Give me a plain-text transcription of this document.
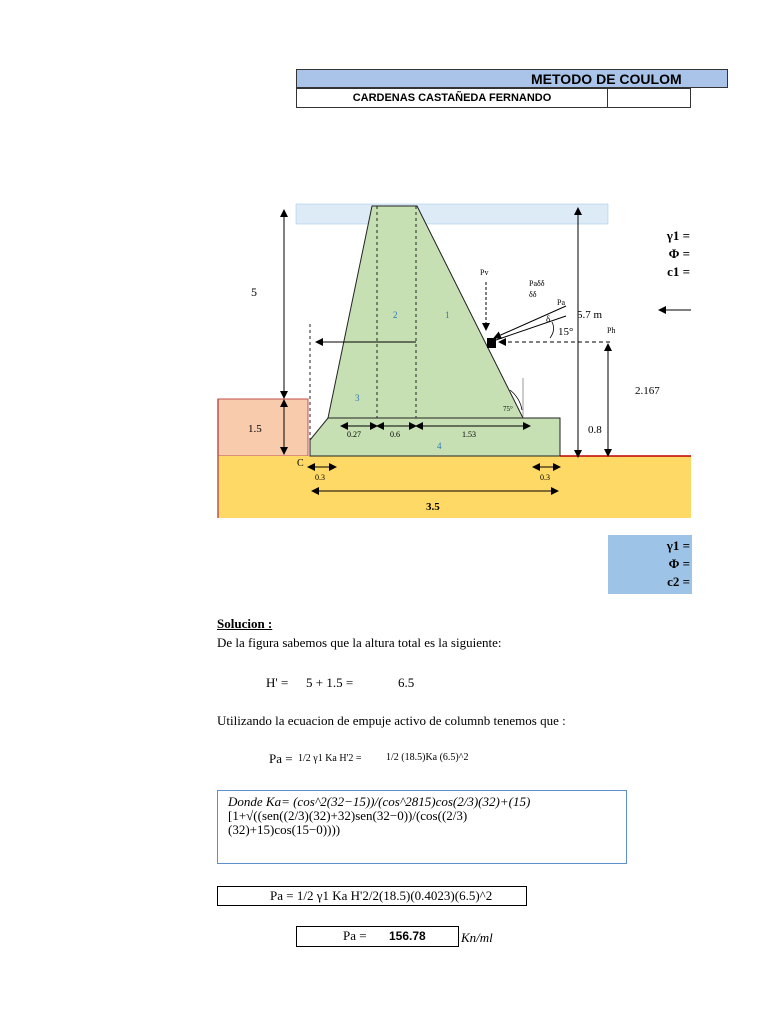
METODO DE COULOM
CARDENAS CASTAÑEDA FERNANDO
1
2
3
4
5
1.5
C
5.7 m
Pv
Paδδ
δδ
Pa
δ
15°	Ph
2.167
0.8
75°
0.27	0.6	1.53
0.3	0.3
3.5
γ1 =
Φ =
c1 =
γ1 =
Φ =
c2 =
Solucion :
De la figura sabemos que la altura total es la siguiente:
H' = 5 + 1.5 =	6.5
Utilizando la ecuacion de empuje activo de columnb tenemos que :
Pa = 1/2 γ1 Ka H'2 = 1/2 (18.5)Ka (6.5)^2
Donde Ka= (cos^2(32−15))/(cos^2815)cos(2/3)(32)+(15)
[1+√((sen((2/3)(32)+32)sen(32−0))/(cos((2/3)
(32)+15)cos(15−0))))
Pa = 1/2 γ1 Ka H'2/2(18.5)(0.4023)(6.5)^2
Pa = 156.78	Kn/ml
